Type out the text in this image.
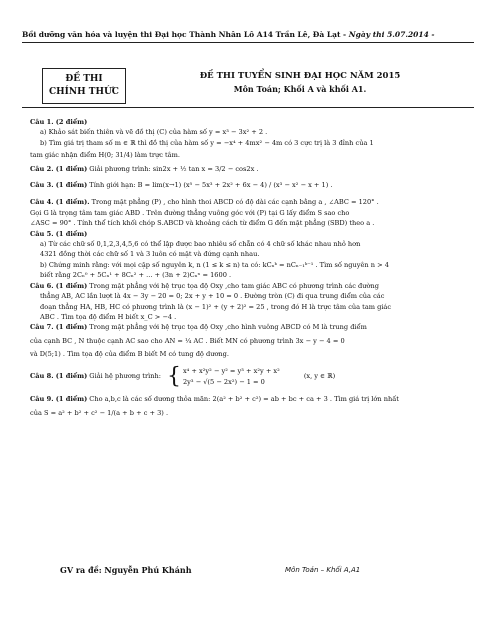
Bồi dưỡng văn hóa và luyện thi Đại học Thành Nhân Lô A14 Trần Lê, Đà Lạt - Ngày thi 5.07.2014 -
ĐỀ THI
CHÍNH THỨC
ĐỀ THI TUYỂN SINH ĐẠI HỌC NĂM 2015
Môn Toán; Khối A và khối A1.

Câu 1. (2 điểm)

a) Khảo sát biến thiên và vẽ đồ thị (C) của hàm số y = x³ − 3x² + 2 .

b) Tìm giá trị tham số m ∈ ℝ thì đồ thị của hàm số y = −x⁴ + 4mx² − 4m có 3 cực trị là 3 đỉnh của 1

tam giác nhận điểm H(0; 31/4) làm trực tâm.

Câu 2. (1 điểm) Giải phương trình: sin2x + ½ tan x = 3/2 − cos2x .

Câu 3. (1 điểm) Tính giới hạn: B = lim(x→1) (x⁵ − 5x³ + 2x² + 6x − 4) / (x³ − x² − x + 1) .

Câu 4. (1 điểm). Trong mặt phẳng (P) , cho hình thoi ABCD có độ dài các cạnh bằng a , ∠ABC = 120° .

Gọi G là trọng tâm tam giác ABD . Trên đường thẳng vuông góc với (P) tại G lấy điểm S sao cho

∠ASC = 90° . Tính thể tích khối chóp S.ABCD và khoảng cách từ điểm G đến mặt phẳng (SBD) theo a .

Câu 5. (1 điểm)

a) Từ các chữ số 0,1,2,3,4,5,6 có thể lập được bao nhiêu số chẵn có 4 chữ số khác nhau nhỏ hơn

4321 đồng thời các chữ số 1 và 3 luôn có mặt và đứng cạnh nhau.

b) Chứng minh rằng: với mọi cặp số nguyên k, n (1 ≤ k ≤ n) ta có: kCₙᵏ = nCₙ₋₁ᵏ⁻¹ . Tìm số nguyên n > 4

biết rằng 2Cₙ⁰ + 5Cₙ¹ + 8Cₙ² + ... + (3n + 2)Cₙⁿ = 1600 .

Câu 6. (1 điểm) Trong mặt phẳng với hệ trục tọa độ Oxy ,cho tam giác ABC có phương trình các đường

thẳng AB, AC lần lượt là 4x − 3y − 20 = 0; 2x + y + 10 = 0 . Đường tròn (C) đi qua trung điểm của các

đoạn thẳng HA, HB, HC có phương trình là (x − 1)² + (y + 2)² = 25 , trong đó H là trực tâm của tam giác

ABC . Tìm tọa độ điểm H biết x_C > −4 .

Câu 7. (1 điểm) Trong mặt phẳng với hệ trục tọa độ Oxy ,cho hình vuông ABCD có M là trung điểm

của cạnh BC , N thuộc cạnh AC sao cho AN = ¼ AC . Biết MN có phương trình 3x − y − 4 = 0

và D(5;1) . Tìm tọa độ của điểm B biết M có tung độ dương.

Câu 8. (1 điểm) Giải hệ phương trình: { x⁴ + x²y² − y² = y³ + x²y + x²
2y³ − √(5 − 2x²) − 1 = 0
(x, y ∈ ℝ)

Câu 9. (1 điểm) Cho a,b,c là các số dương thỏa mãn: 2(a² + b² + c²) = ab + bc + ca + 3 . Tìm giá trị lớn nhất

của S = a² + b² + c² − 1/(a + b + c + 3) .

GV ra đề: Nguyễn Phú Khánh	Môn Toán – Khối A,A1
